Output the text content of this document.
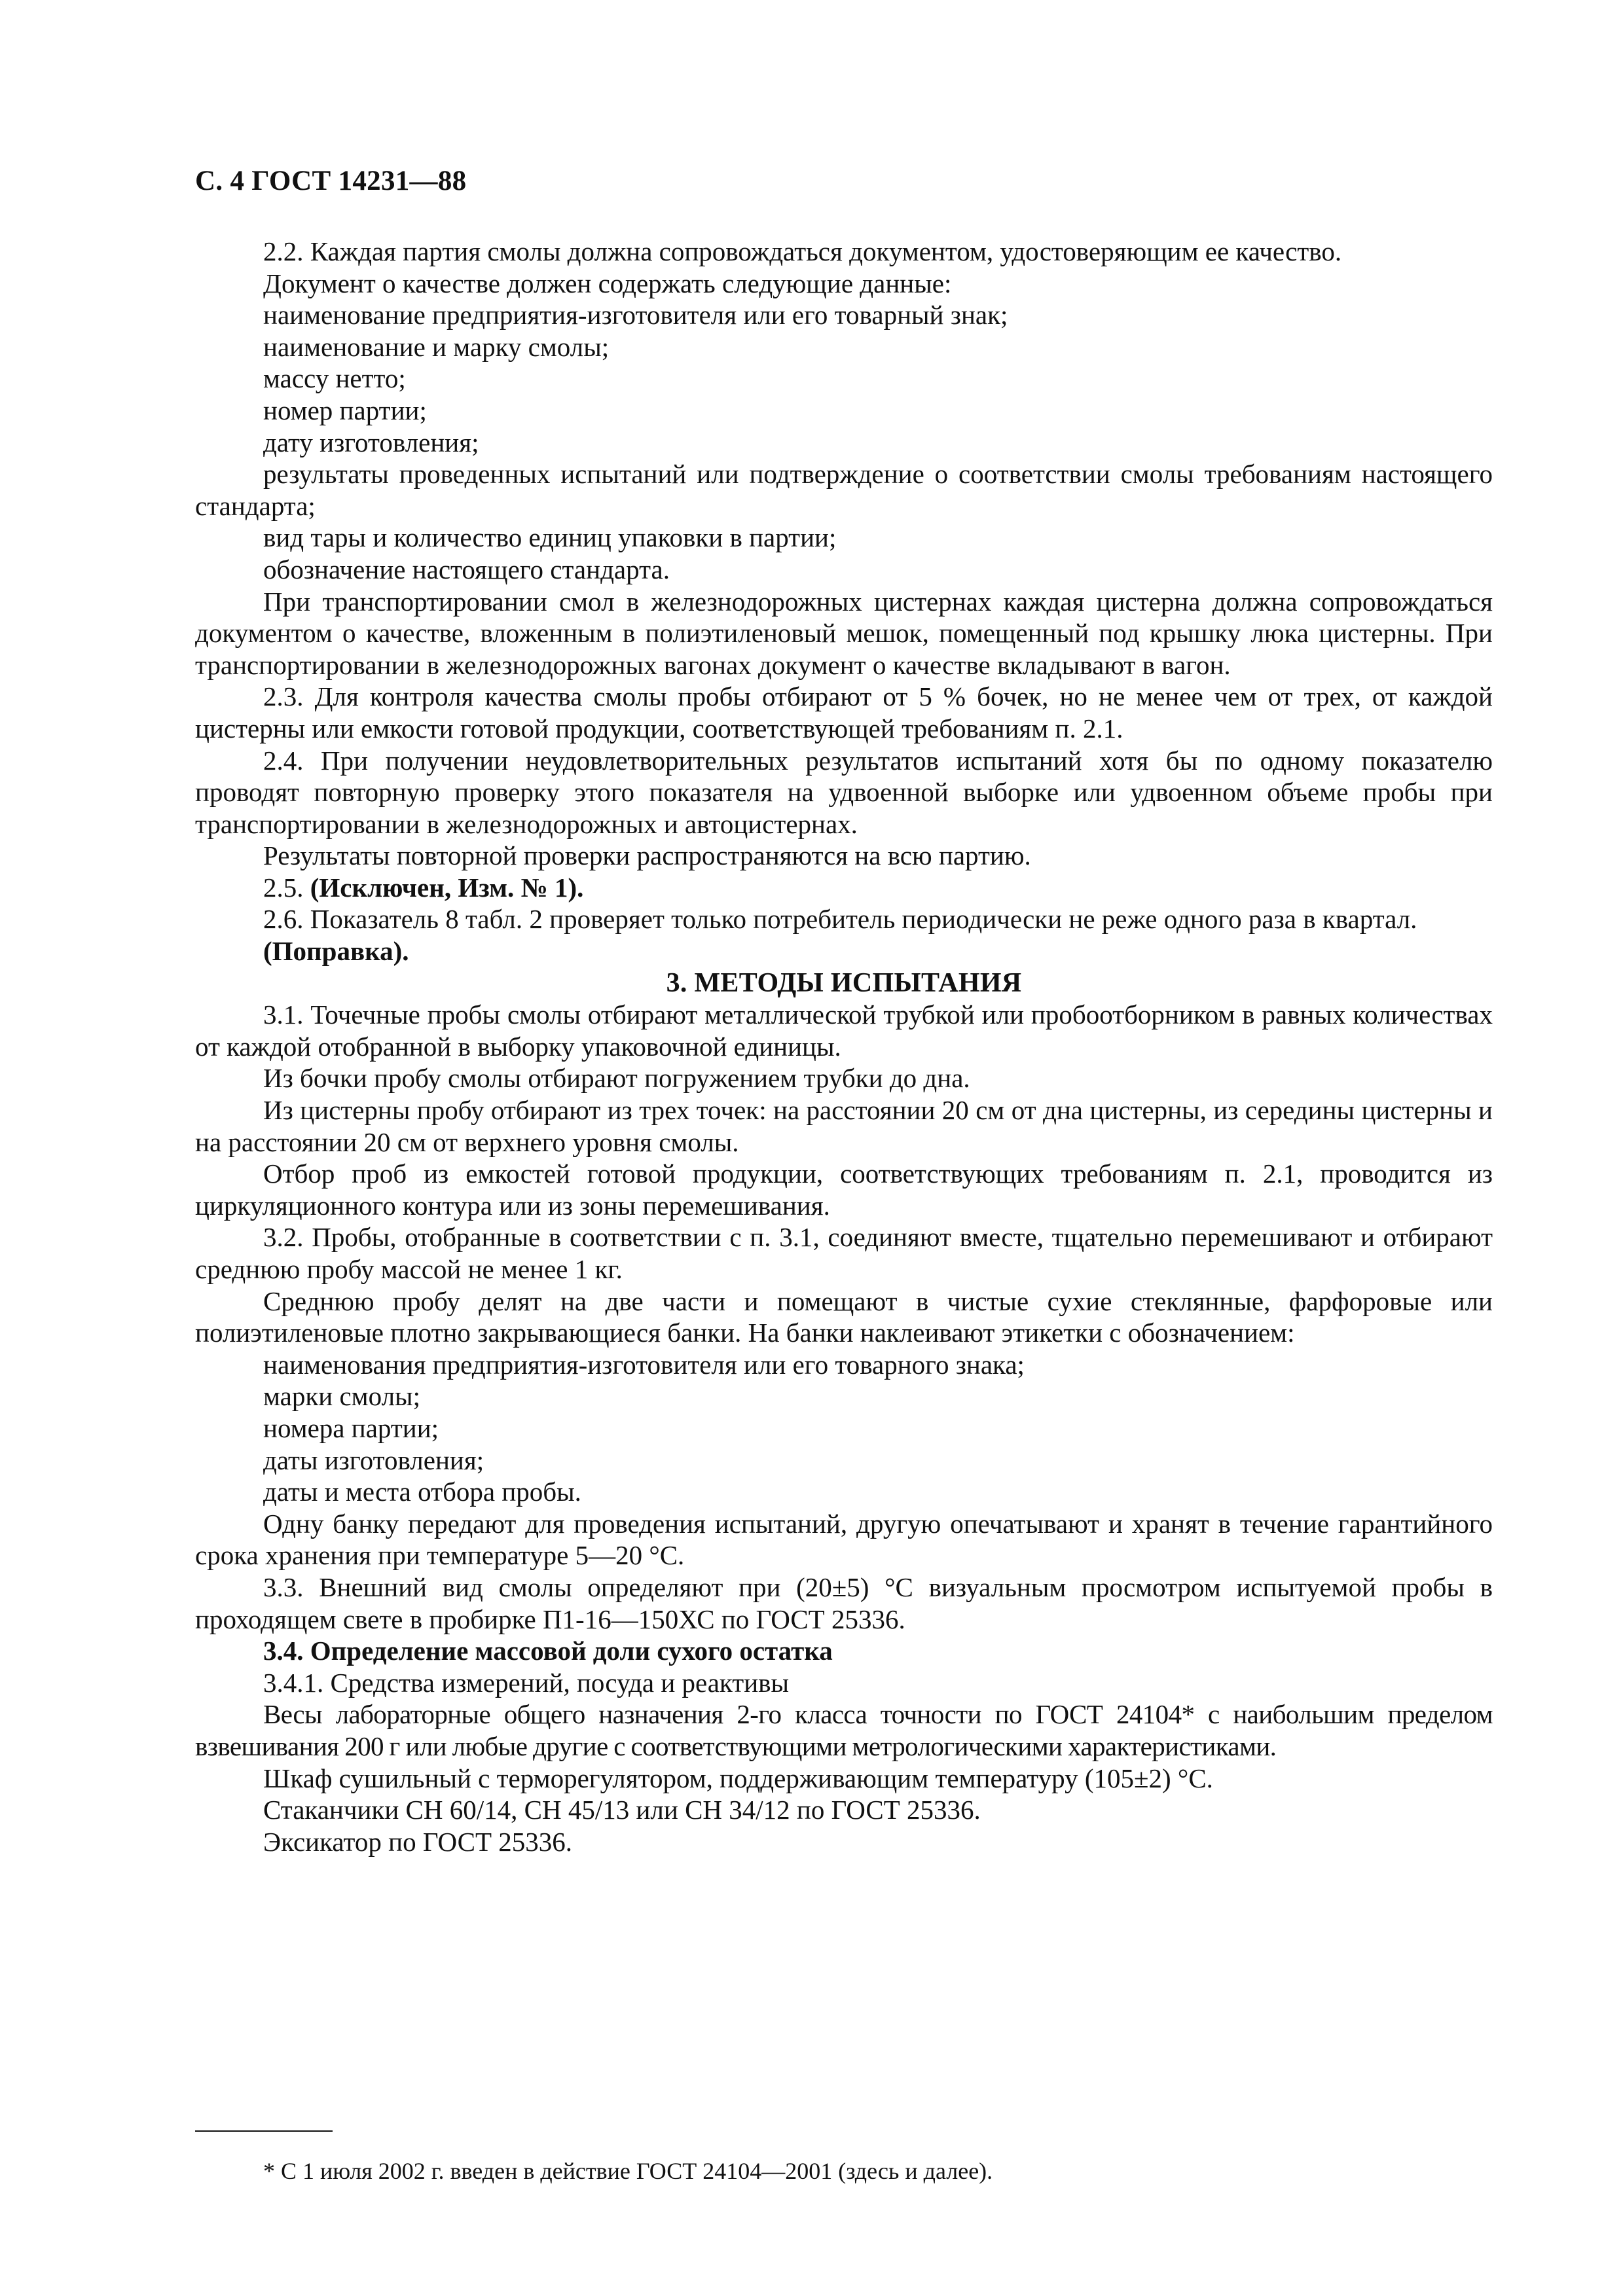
С. 4 ГОСТ 14231—88

2.2. Каждая партия смолы должна сопровождаться документом, удостоверяющим ее качество.

Документ о качестве должен содержать следующие данные:

наименование предприятия-изготовителя или его товарный знак;

наименование и марку смолы;

массу нетто;

номер партии;

дату изготовления;

результаты проведенных испытаний или подтверждение о соответствии смолы требованиям настоящего стандарта;

вид тары и количество единиц упаковки в партии;

обозначение настоящего стандарта.

При транспортировании смол в железнодорожных цистернах каждая цистерна должна сопровождаться документом о качестве, вложенным в полиэтиленовый мешок, помещенный под крышку люка цистерны. При транспортировании в железнодорожных вагонах документ о качестве вкладывают в вагон.

2.3. Для контроля качества смолы пробы отбирают от 5 % бочек, но не менее чем от трех, от каждой цистерны или емкости готовой продукции, соответствующей требованиям п. 2.1.

2.4. При получении неудовлетворительных результатов испытаний хотя бы по одному показателю проводят повторную проверку этого показателя на удвоенной выборке или удвоенном объеме пробы при транспортировании в железнодорожных и автоцистернах.

Результаты повторной проверки распространяются на всю партию.

2.5. (Исключен, Изм. № 1).

2.6. Показатель 8 табл. 2 проверяет только потребитель периодически не реже одного раза в квартал.

(Поправка).

3. МЕТОДЫ ИСПЫТАНИЯ

3.1. Точечные пробы смолы отбирают металлической трубкой или пробоотборником в равных количествах от каждой отобранной в выборку упаковочной единицы.

Из бочки пробу смолы отбирают погружением трубки до дна.

Из цистерны пробу отбирают из трех точек: на расстоянии 20 см от дна цистерны, из середины цистерны и на расстоянии 20 см от верхнего уровня смолы.

Отбор проб из емкостей готовой продукции, соответствующих требованиям п. 2.1, проводится из циркуляционного контура или из зоны перемешивания.

3.2. Пробы, отобранные в соответствии с п. 3.1, соединяют вместе, тщательно перемешивают и отбирают среднюю пробу массой не менее 1 кг.

Среднюю пробу делят на две части и помещают в чистые сухие стеклянные, фарфоровые или полиэтиленовые плотно закрывающиеся банки. На банки наклеивают этикетки с обозначением:

наименования предприятия-изготовителя или его товарного знака;

марки смолы;

номера партии;

даты изготовления;

даты и места отбора пробы.

Одну банку передают для проведения испытаний, другую опечатывают и хранят в течение гарантийного срока хранения при температуре 5—20 °С.

3.3. Внешний вид смолы определяют при (20±5) °С визуальным просмотром испытуемой пробы в проходящем свете в пробирке П1-16—150ХС по ГОСТ 25336.

3.4. Определение массовой доли сухого остатка

3.4.1. Средства измерений, посуда и реактивы

Весы лабораторные общего назначения 2-го класса точности по ГОСТ 24104* с наибольшим пределом взвешивания 200 г или любые другие с соответствующими метрологическими характеристиками.

Шкаф сушильный с терморегулятором, поддерживающим температуру (105±2) °С.

Стаканчики СН 60/14, СН 45/13 или СН 34/12 по ГОСТ 25336.

Эксикатор по ГОСТ 25336.

* С 1 июля 2002 г. введен в действие ГОСТ 24104—2001 (здесь и далее).
